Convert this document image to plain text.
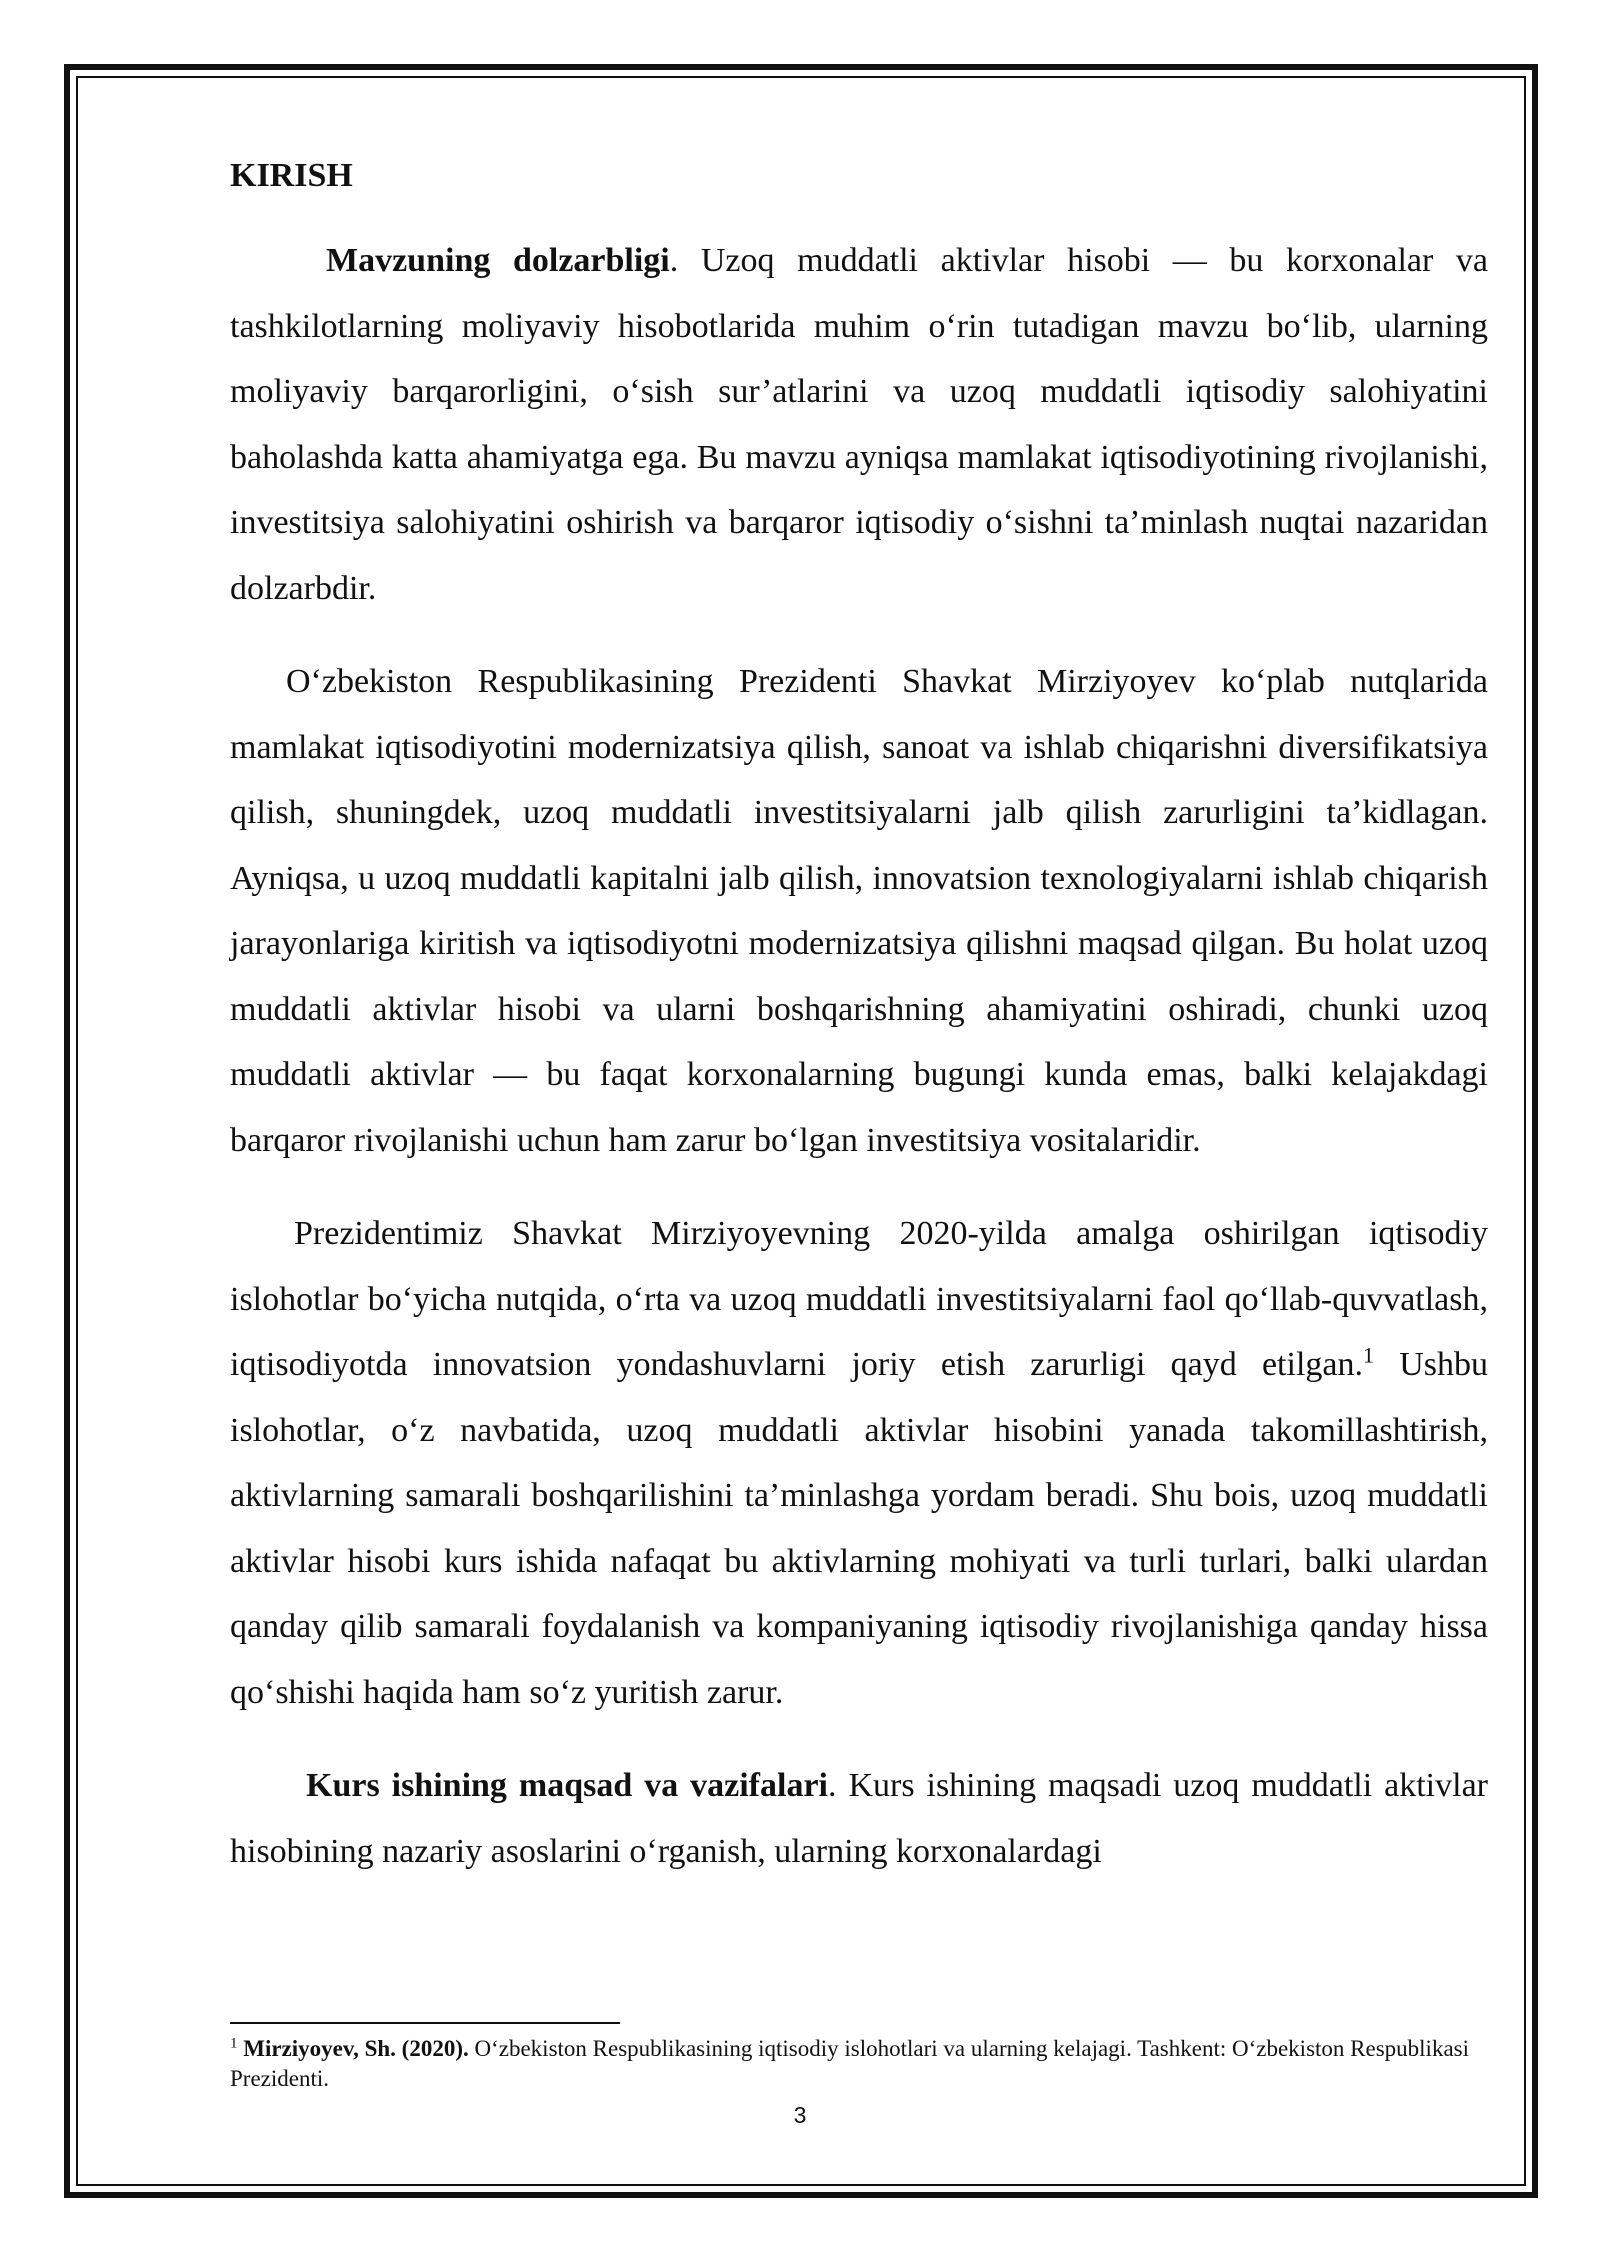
KIRISH

Mavzuning dolzarbligi. Uzoq muddatli aktivlar hisobi — bu korxonalar va tashkilotlarning moliyaviy hisobotlarida muhim o‘rin tutadigan mavzu bo‘lib, ularning moliyaviy barqarorligini, o‘sish sur’atlarini va uzoq muddatli iqtisodiy salohiyatini baholashda katta ahamiyatga ega. Bu mavzu ayniqsa mamlakat iqtisodiyotining rivojlanishi, investitsiya salohiyatini oshirish va barqaror iqtisodiy o‘sishni ta’minlash nuqtai nazaridan dolzarbdir.

O‘zbekiston Respublikasining Prezidenti Shavkat Mirziyoyev ko‘plab nutqlarida mamlakat iqtisodiyotini modernizatsiya qilish, sanoat va ishlab chiqarishni diversifikatsiya qilish, shuningdek, uzoq muddatli investitsiyalarni jalb qilish zarurligini ta’kidlagan. Ayniqsa, u uzoq muddatli kapitalni jalb qilish, innovatsion texnologiyalarni ishlab chiqarish jarayonlariga kiritish va iqtisodiyotni modernizatsiya qilishni maqsad qilgan. Bu holat uzoq muddatli aktivlar hisobi va ularni boshqarishning ahamiyatini oshiradi, chunki uzoq muddatli aktivlar — bu faqat korxonalarning bugungi kunda emas, balki kelajakdagi barqaror rivojlanishi uchun ham zarur bo‘lgan investitsiya vositalaridir.

Prezidentimiz Shavkat Mirziyoyevning 2020-yilda amalga oshirilgan iqtisodiy islohotlar bo‘yicha nutqida, o‘rta va uzoq muddatli investitsiyalarni faol qo‘llab-quvvatlash, iqtisodiyotda innovatsion yondashuvlarni joriy etish zarurligi qayd etilgan.$^1$ Ushbu islohotlar, o‘z navbatida, uzoq muddatli aktivlar hisobini yanada takomillashtirish, aktivlarning samarali boshqarilishini ta’minlashga yordam beradi. Shu bois, uzoq muddatli aktivlar hisobi kurs ishida nafaqat bu aktivlarning mohiyati va turli turlari, balki ulardan qanday qilib samarali foydalanish va kompaniyaning iqtisodiy rivojlanishiga qanday hissa qo‘shishi haqida ham so‘z yuritish zarur.

Kurs ishining maqsad va vazifalari. Kurs ishining maqsadi uzoq muddatli aktivlar hisobining nazariy asoslarini o‘rganish, ularning korxonalardagi

$^1$ Mirziyoyev, Sh. (2020). O‘zbekiston Respublikasining iqtisodiy islohotlari va ularning kelajagi. Tashkent: O‘zbekiston Respublikasi Prezidenti.
3
